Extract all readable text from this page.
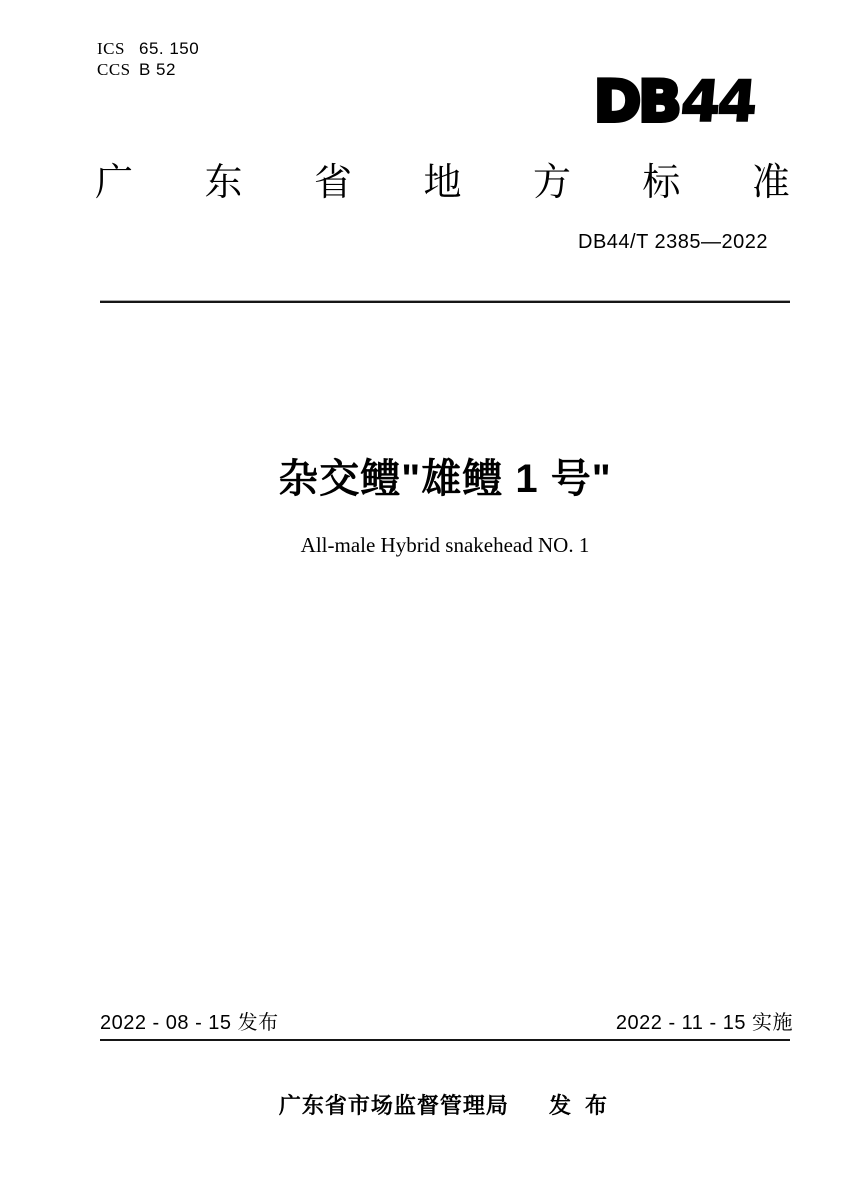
ICS 65. 150
CCS B 52	DB44
广 东 省 地 方 标 准
DB44/T 2385—2022
杂交鳢"雄鳢 1 号"
All-male Hybrid snakehead NO. 1
2022 - 08 - 15 发布	2022 - 11 - 15 实施
广东省市场监督管理局 发 布
